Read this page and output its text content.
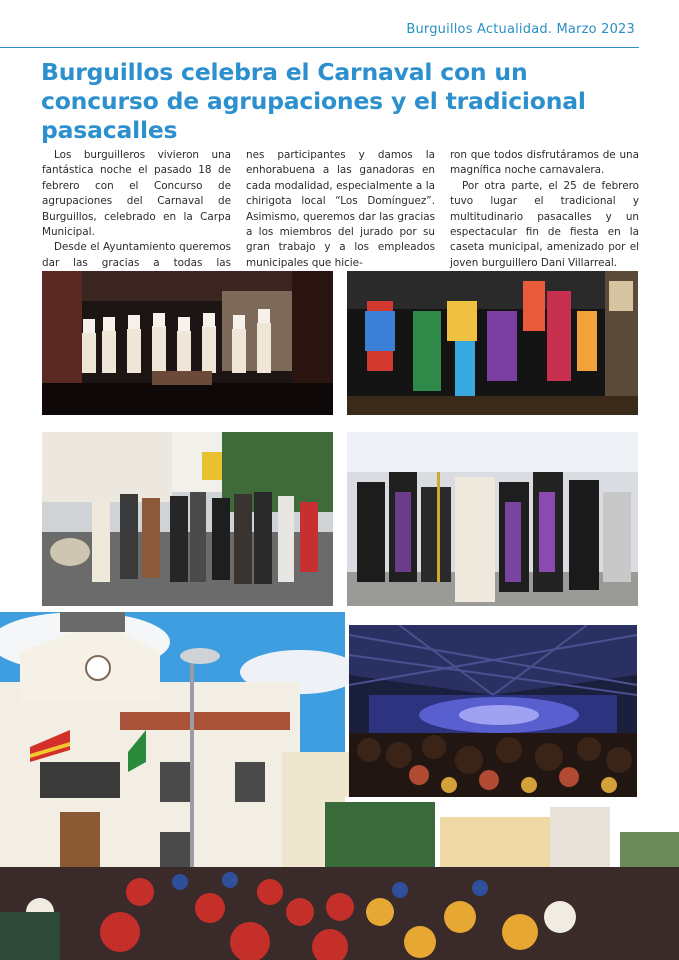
Burguillos Actualidad. Marzo 2023
Burguillos celebra el Carnaval con un concurso de agrupaciones y el tradicional pasacalles

Los burguilleros vivieron una fantástica noche el pasado 18 de febrero con el Concurso de agrupaciones del Carnaval de Burguillos, celebrado en la Carpa Municipal.

Desde el Ayuntamiento queremos dar las gracias a todas las

nes participantes y damos la enhorabuena a las ganadoras en cada modalidad, especialmente a la chirigota local “Los Domínguez”. Asimismo, queremos dar las gracias a los miembros del jurado por su gran trabajo y a los empleados municipales que hicie-

ron que todos disfrutáramos de una magnífica noche carnavalera.

Por otra parte, el 25 de febrero tuvo lugar el tradicional y multitudinario pasacalles y un espectacular fin de fiesta en la caseta municipal, amenizado por el joven burguillero Dani Villarreal.
